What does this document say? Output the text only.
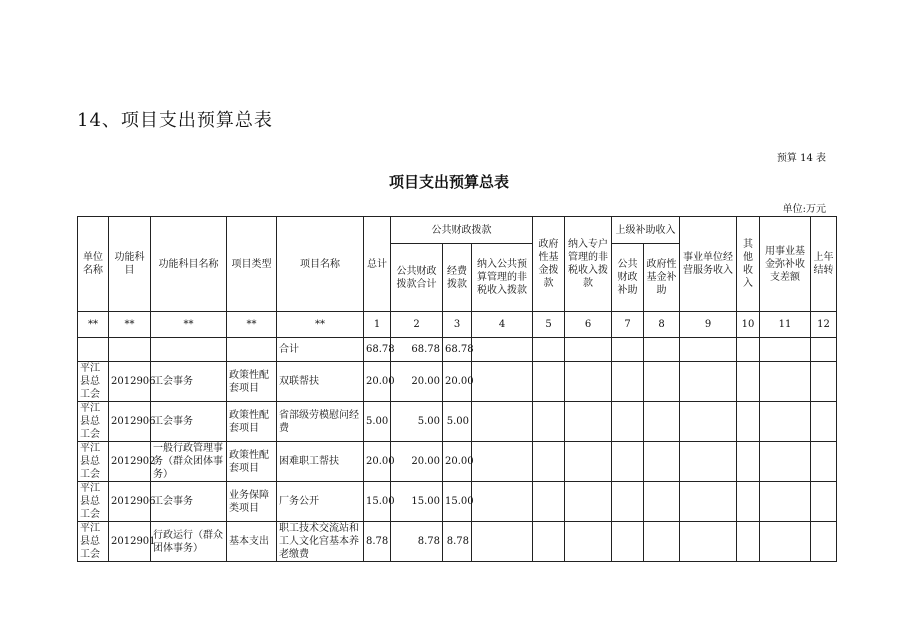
14、项目支出预算总表
预算 14 表
项目支出预算总表
单位:万元
单位名称	功能科目	功能科目名称	项目类型	项目名称	总计	公共财政拨款			政府性基金拨款	纳入专户管理的非税收入拨款	上级补助收入		事业单位经营服务收入	其他收入	用事业基金弥补收支差额	上年结转
						公共财政拨款合计	经费拨款	纳入公共预算管理的非税收入拨款			公共财政补助	政府性基金补助				
**	**	**	**	**	1	2	3	4	5	6	7	8	9	10	11	12
				合计	68.78	68.78	68.78									
平江县总工会	2012906	工会事务	政策性配套项目	双联帮扶	20.00	20.00	20.00									
平江县总工会	2012906	工会事务	政策性配套项目	省部级劳模慰问经费	5.00	5.00	5.00									
平江县总工会	2012902	一般行政管理事务（群众团体事务）	政策性配套项目	困难职工帮扶	20.00	20.00	20.00									
平江县总工会	2012906	工会事务	业务保障类项目	厂务公开	15.00	15.00	15.00									
平江县总工会	2012901	行政运行（群众团体事务）	基本支出	职工技术交流站和工人文化宫基本养老缴费	8.78	8.78	8.78									
